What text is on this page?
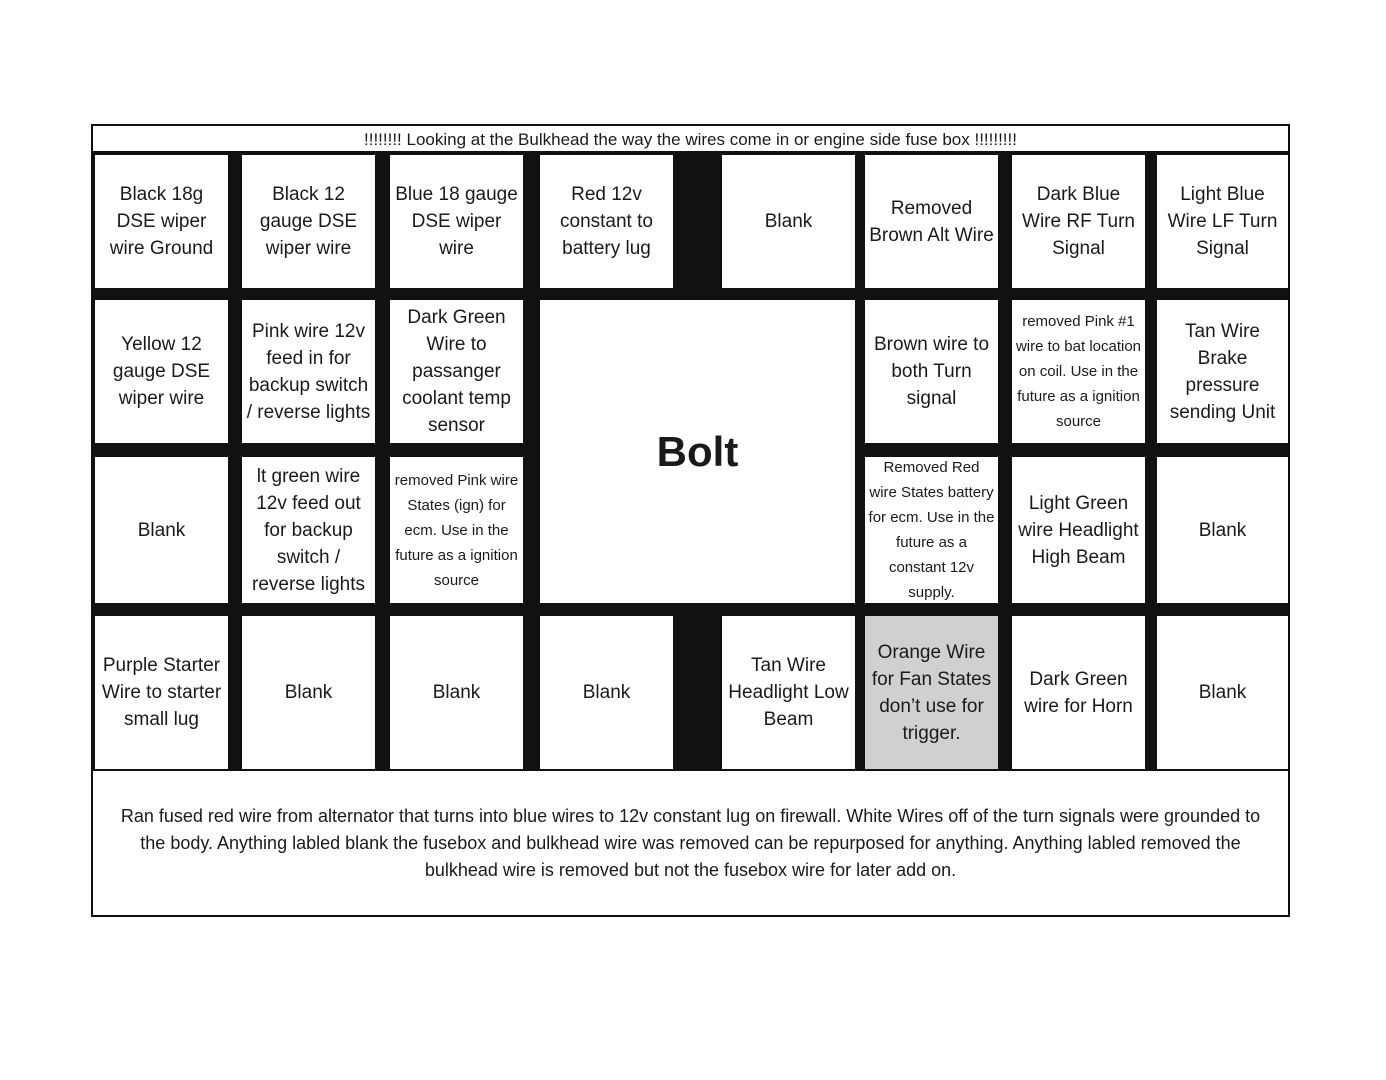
!!!!!!!! Looking at the Bulkhead the way the wires come in or engine side fuse box !!!!!!!!!
Black 18g DSE wiper wire Ground
Black 12 gauge DSE wiper wire
Blue 18 gauge DSE wiper wire
Red 12v constant to battery lug
Blank
Removed Brown Alt Wire
Dark Blue Wire RF Turn Signal
Light Blue Wire LF Turn Signal
Yellow 12 gauge DSE wiper wire
Pink wire 12v feed in for backup switch / reverse lights
Dark Green Wire to passanger coolant temp sensor
Brown wire to both Turn signal
removed Pink #1 wire to bat location on coil. Use in the future as a ignition source
Tan Wire Brake pressure sending Unit
Bolt
Blank
lt green wire 12v feed out for backup switch / reverse lights
removed Pink wire States (ign) for ecm. Use in the future as a ignition source
Removed Red wire States battery for ecm. Use in the future as a constant 12v supply.
Light Green wire Headlight High Beam
Blank
Purple Starter Wire to starter small lug
Blank	Blank	Blank
Tan Wire Headlight Low Beam
Orange Wire for Fan States don’t use for trigger.
Dark Green wire for Horn
Blank
Ran fused red wire from alternator that turns into blue wires to 12v constant lug on firewall. White Wires off of the turn signals were grounded to the body. Anything labled blank the fusebox and bulkhead wire was removed can be repurposed for anything. Anything labled removed the bulkhead wire is removed but not the fusebox wire for later add on.
